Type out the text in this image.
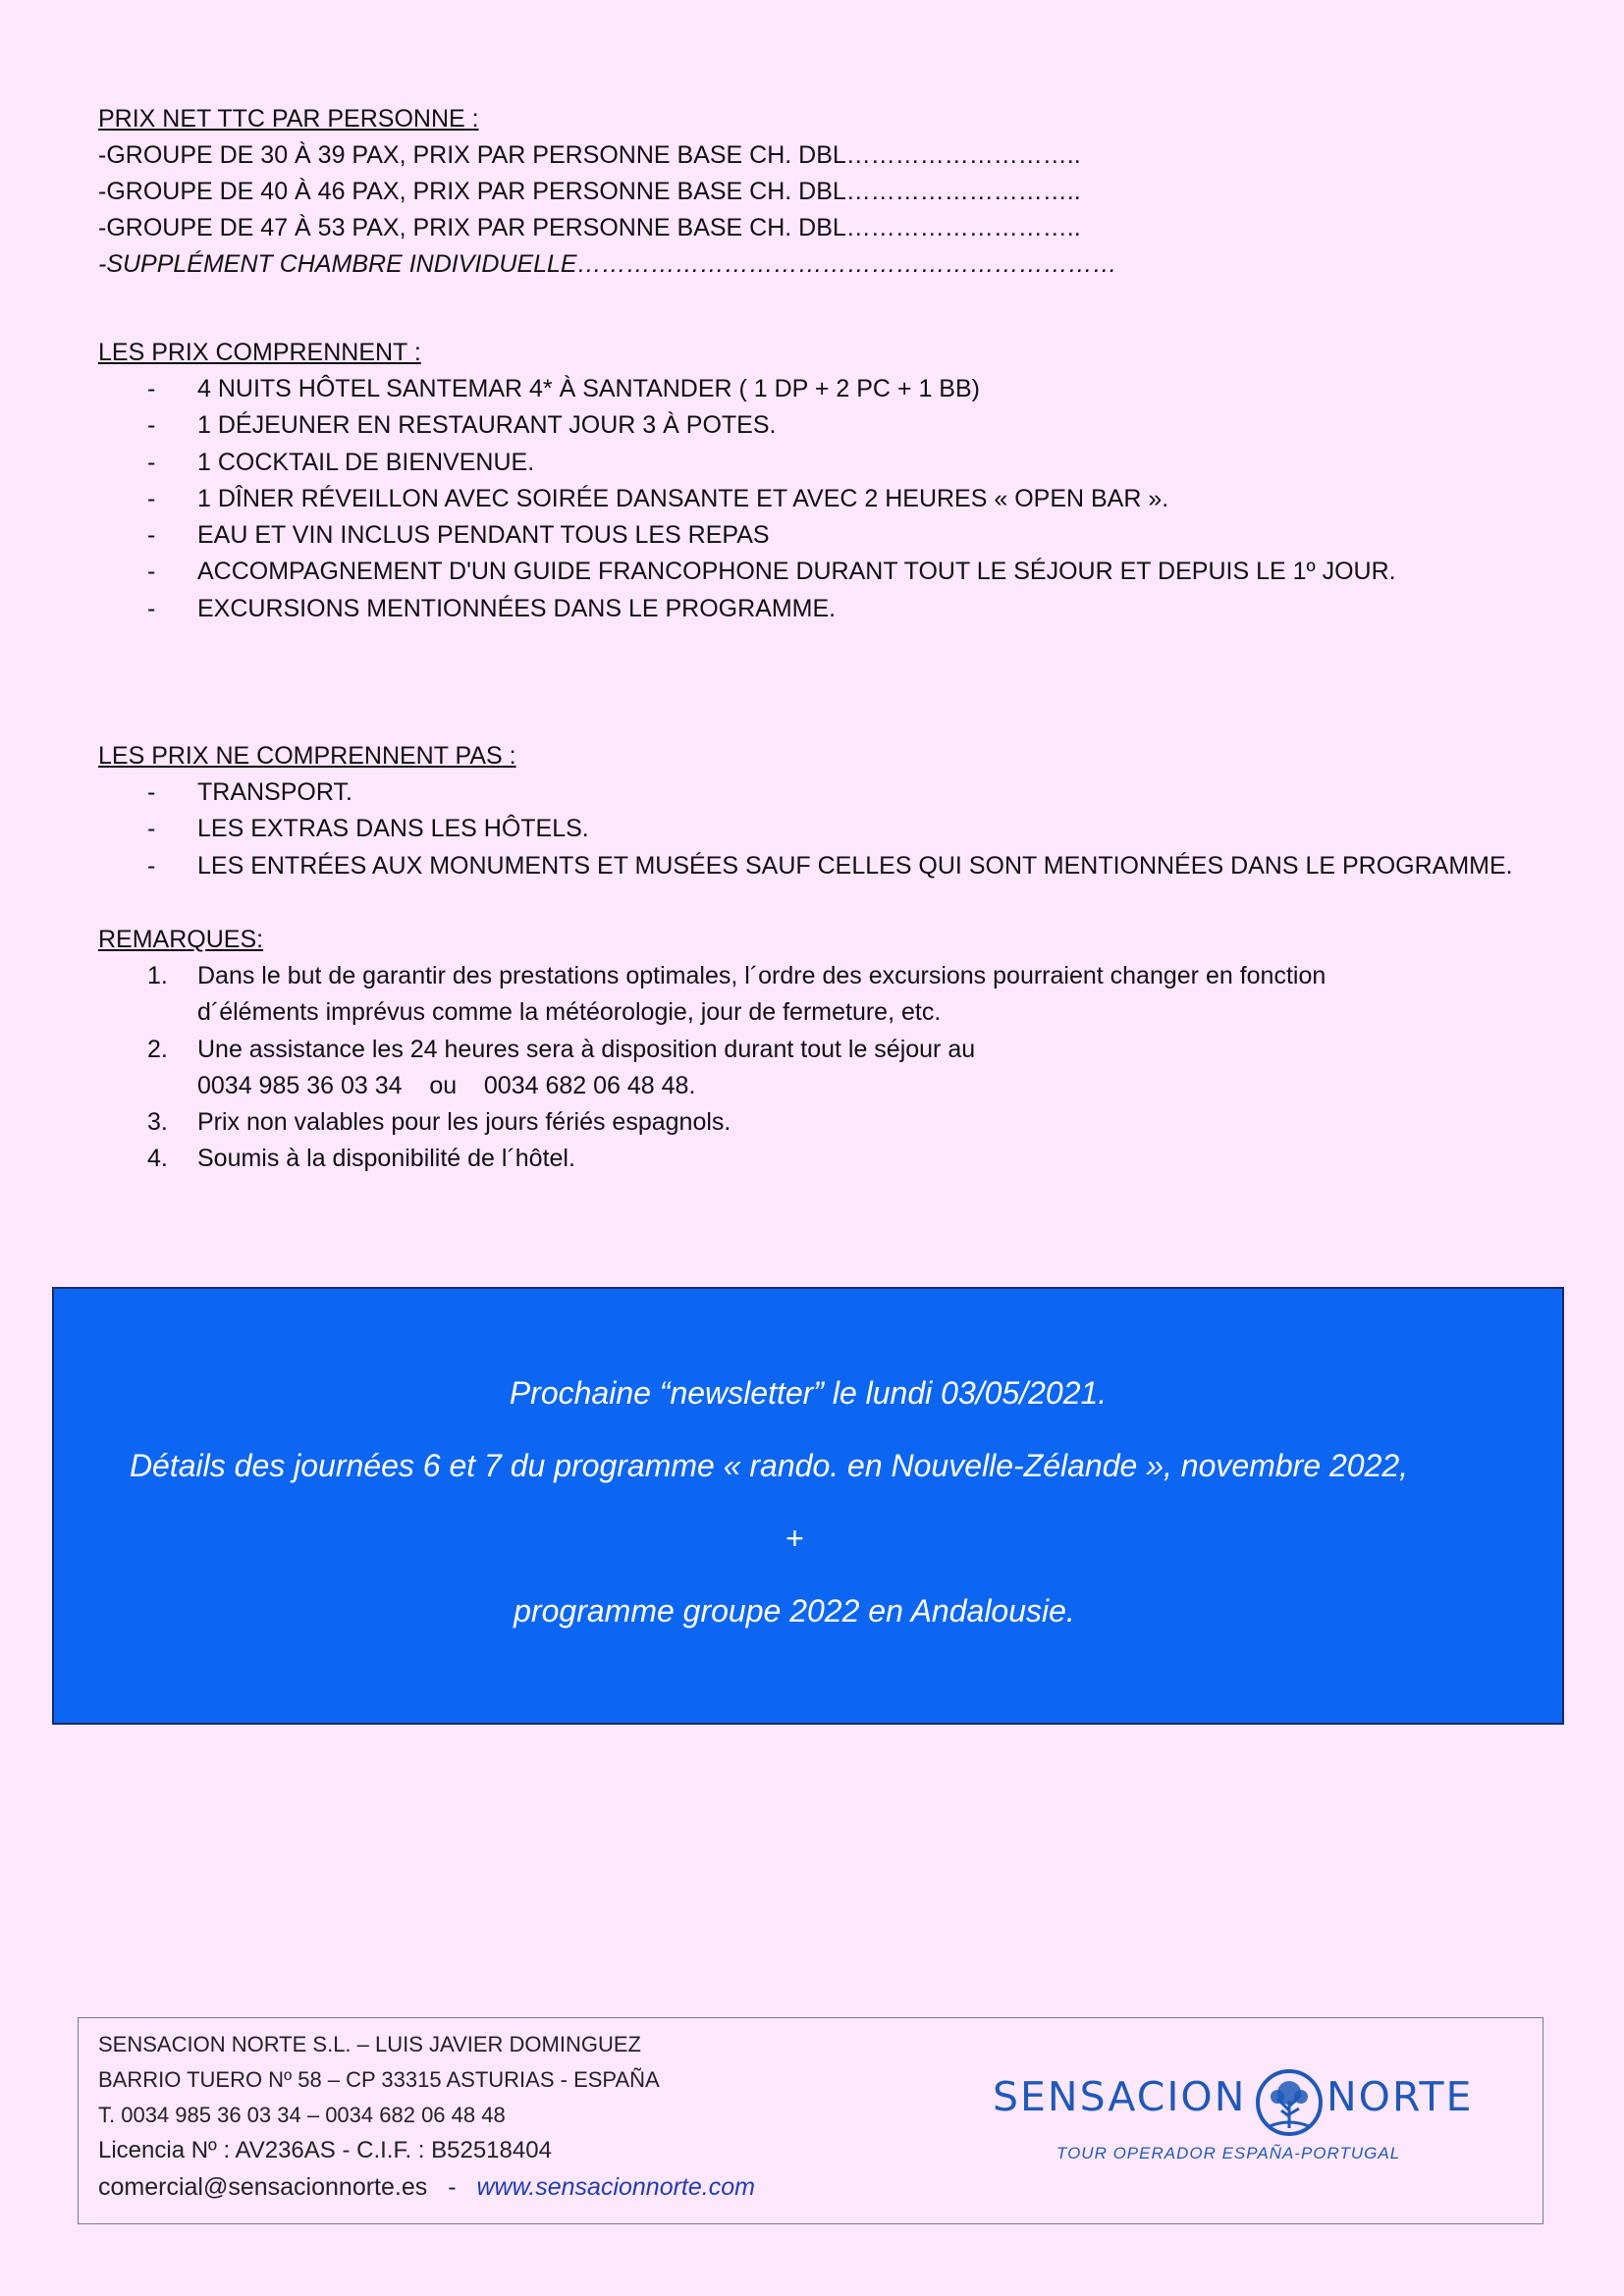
PRIX NET TTC PAR PERSONNE :

-GROUPE DE 30 À 39 PAX, PRIX PAR PERSONNE BASE CH. DBL………………………..
-GROUPE DE 40 À 46 PAX, PRIX PAR PERSONNE BASE CH. DBL………………………..
-GROUPE DE 47 À 53 PAX, PRIX PAR PERSONNE BASE CH. DBL………………………..
-SUPPLÉMENT CHAMBRE INDIVIDUELLE…………………………………………………………

LES PRIX COMPRENNENT :

- 4 NUITS HÔTEL SANTEMAR 4* À SANTANDER ( 1 DP + 2 PC + 1 BB)
- 1 DÉJEUNER EN RESTAURANT JOUR 3 À POTES.
- 1 COCKTAIL DE BIENVENUE.
- 1 DÎNER RÉVEILLON AVEC SOIRÉE DANSANTE ET AVEC 2 HEURES « OPEN BAR ».
- EAU ET VIN INCLUS PENDANT TOUS LES REPAS
- ACCOMPAGNEMENT D'UN GUIDE FRANCOPHONE DURANT TOUT LE SÉJOUR ET DEPUIS LE 1º JOUR.
- EXCURSIONS MENTIONNÉES DANS LE PROGRAMME.

LES PRIX NE COMPRENNENT PAS :

- TRANSPORT.
- LES EXTRAS DANS LES HÔTELS.
- LES ENTRÉES AUX MONUMENTS ET MUSÉES SAUF CELLES QUI SONT MENTIONNÉES DANS LE PROGRAMME.

REMARQUES:

1. Dans le but de garantir des prestations optimales, l´ordre des excursions pourraient changer en fonction
d´éléments imprévus comme la météorologie, jour de fermeture, etc.
2. Une assistance les 24 heures sera à disposition durant tout le séjour au
0034 985 36 03 34    ou    0034 682 06 48 48.
3. Prix non valables pour les jours fériés espagnols.
4. Soumis à la disponibilité de l´hôtel.
Prochaine “newsletter” le lundi 03/05/2021.
Détails des journées 6 et 7 du programme « rando. en Nouvelle-Zélande », novembre 2022,
+
programme groupe 2022 en Andalousie.
SENSACION NORTE S.L. – LUIS JAVIER DOMINGUEZ
BARRIO TUERO Nº 58 – CP 33315 ASTURIAS - ESPAÑA
T. 0034 985 36 03 34 – 0034 682 06 48 48
Licencia Nº : AV236AS - C.I.F. : B52518404
comercial@sensacionnorte.es - www.sensacionnorte.com
SENSACION NORTE
TOUR OPERADOR ESPAÑA-PORTUGAL
